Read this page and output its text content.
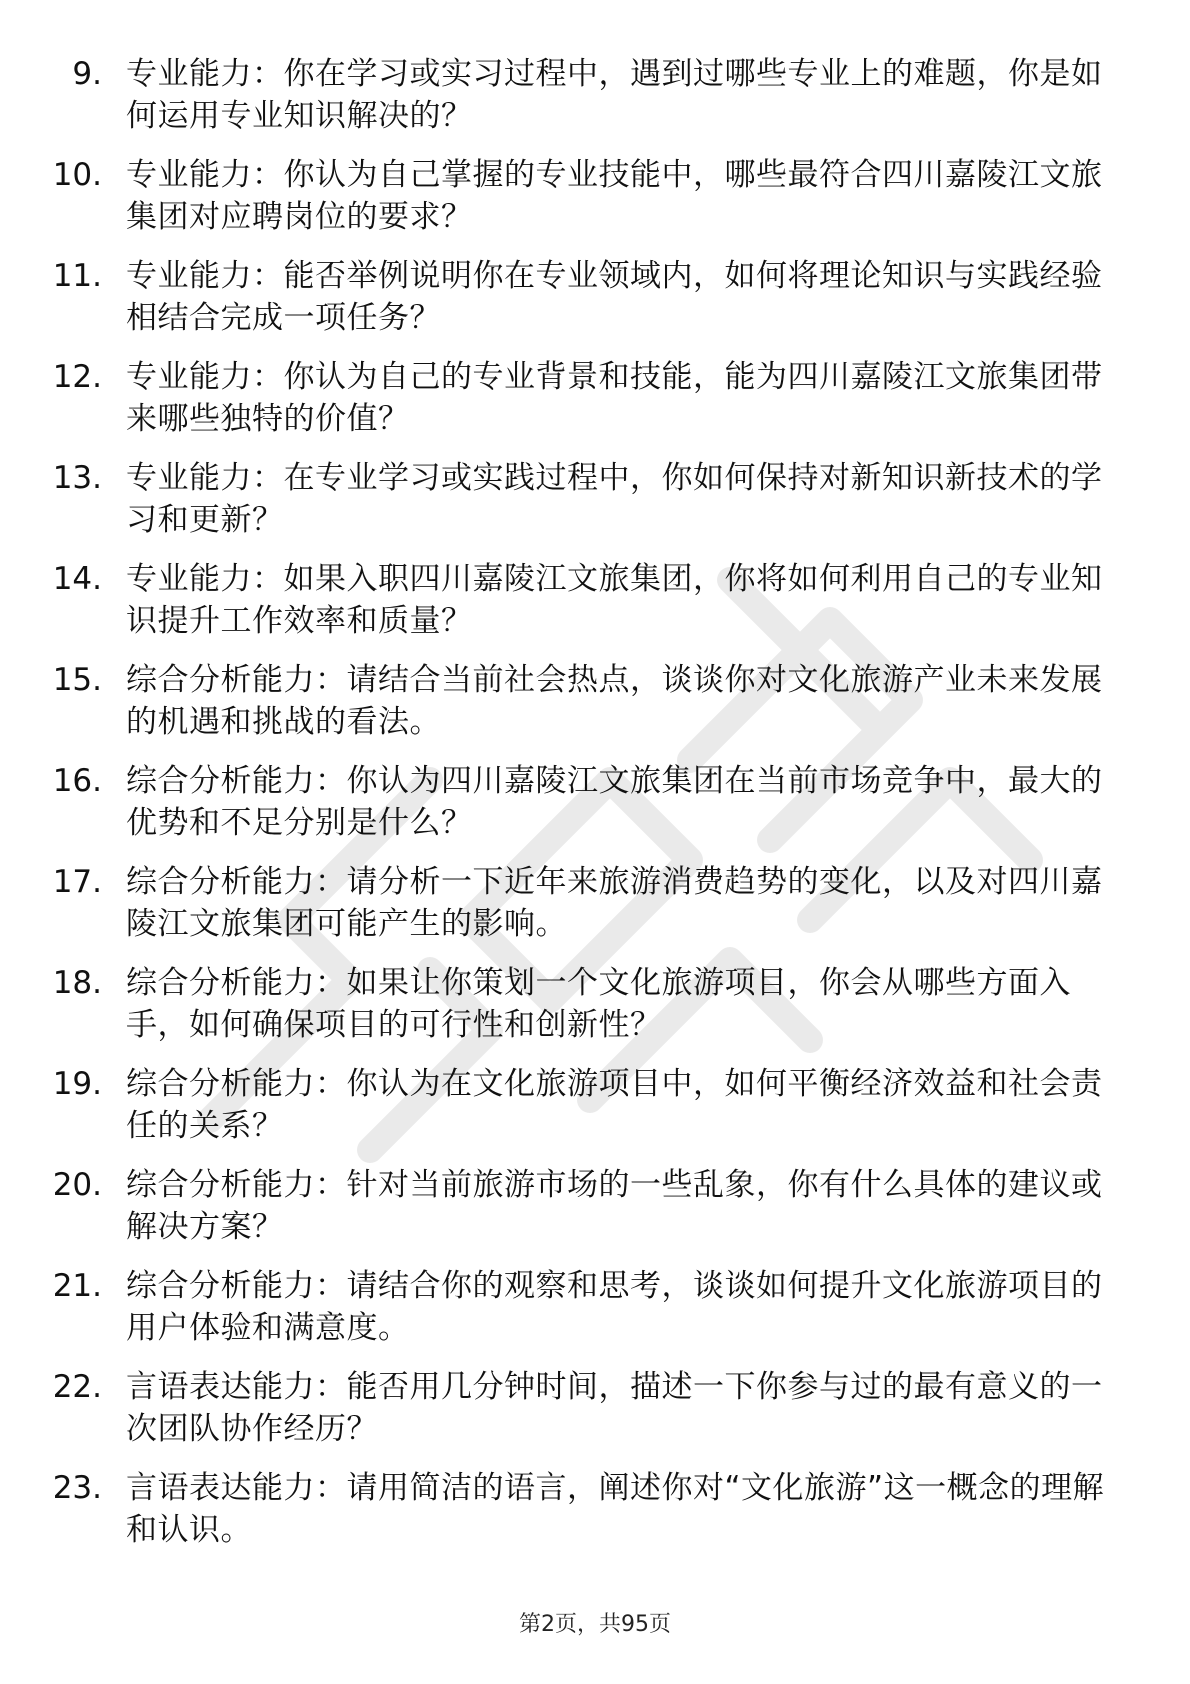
9. 专业能力：你在学习或实习过程中，遇到过哪些专业上的难题，你是如何运用专业知识解决的？
10. 专业能力：你认为自己掌握的专业技能中，哪些最符合四川嘉陵江文旅集团对应聘岗位的要求？
11. 专业能力：能否举例说明你在专业领域内，如何将理论知识与实践经验相结合完成一项任务？
12. 专业能力：你认为自己的专业背景和技能，能为四川嘉陵江文旅集团带来哪些独特的价值？
13. 专业能力：在专业学习或实践过程中，你如何保持对新知识新技术的学习和更新？
14. 专业能力：如果入职四川嘉陵江文旅集团，你将如何利用自己的专业知识提升工作效率和质量？
15. 综合分析能力：请结合当前社会热点，谈谈你对文化旅游产业未来发展的机遇和挑战的看法。
16. 综合分析能力：你认为四川嘉陵江文旅集团在当前市场竞争中，最大的优势和不足分别是什么？
17. 综合分析能力：请分析一下近年来旅游消费趋势的变化，以及对四川嘉陵江文旅集团可能产生的影响。
18. 综合分析能力：如果让你策划一个文化旅游项目，你会从哪些方面入手，如何确保项目的可行性和创新性？
19. 综合分析能力：你认为在文化旅游项目中，如何平衡经济效益和社会责任的关系？
20. 综合分析能力：针对当前旅游市场的一些乱象，你有什么具体的建议或解决方案？
21. 综合分析能力：请结合你的观察和思考，谈谈如何提升文化旅游项目的用户体验和满意度。
22. 言语表达能力：能否用几分钟时间，描述一下你参与过的最有意义的一次团队协作经历？
23. 言语表达能力：请用简洁的语言，阐述你对“文化旅游”这一概念的理解和认识。
第2页，共95页
